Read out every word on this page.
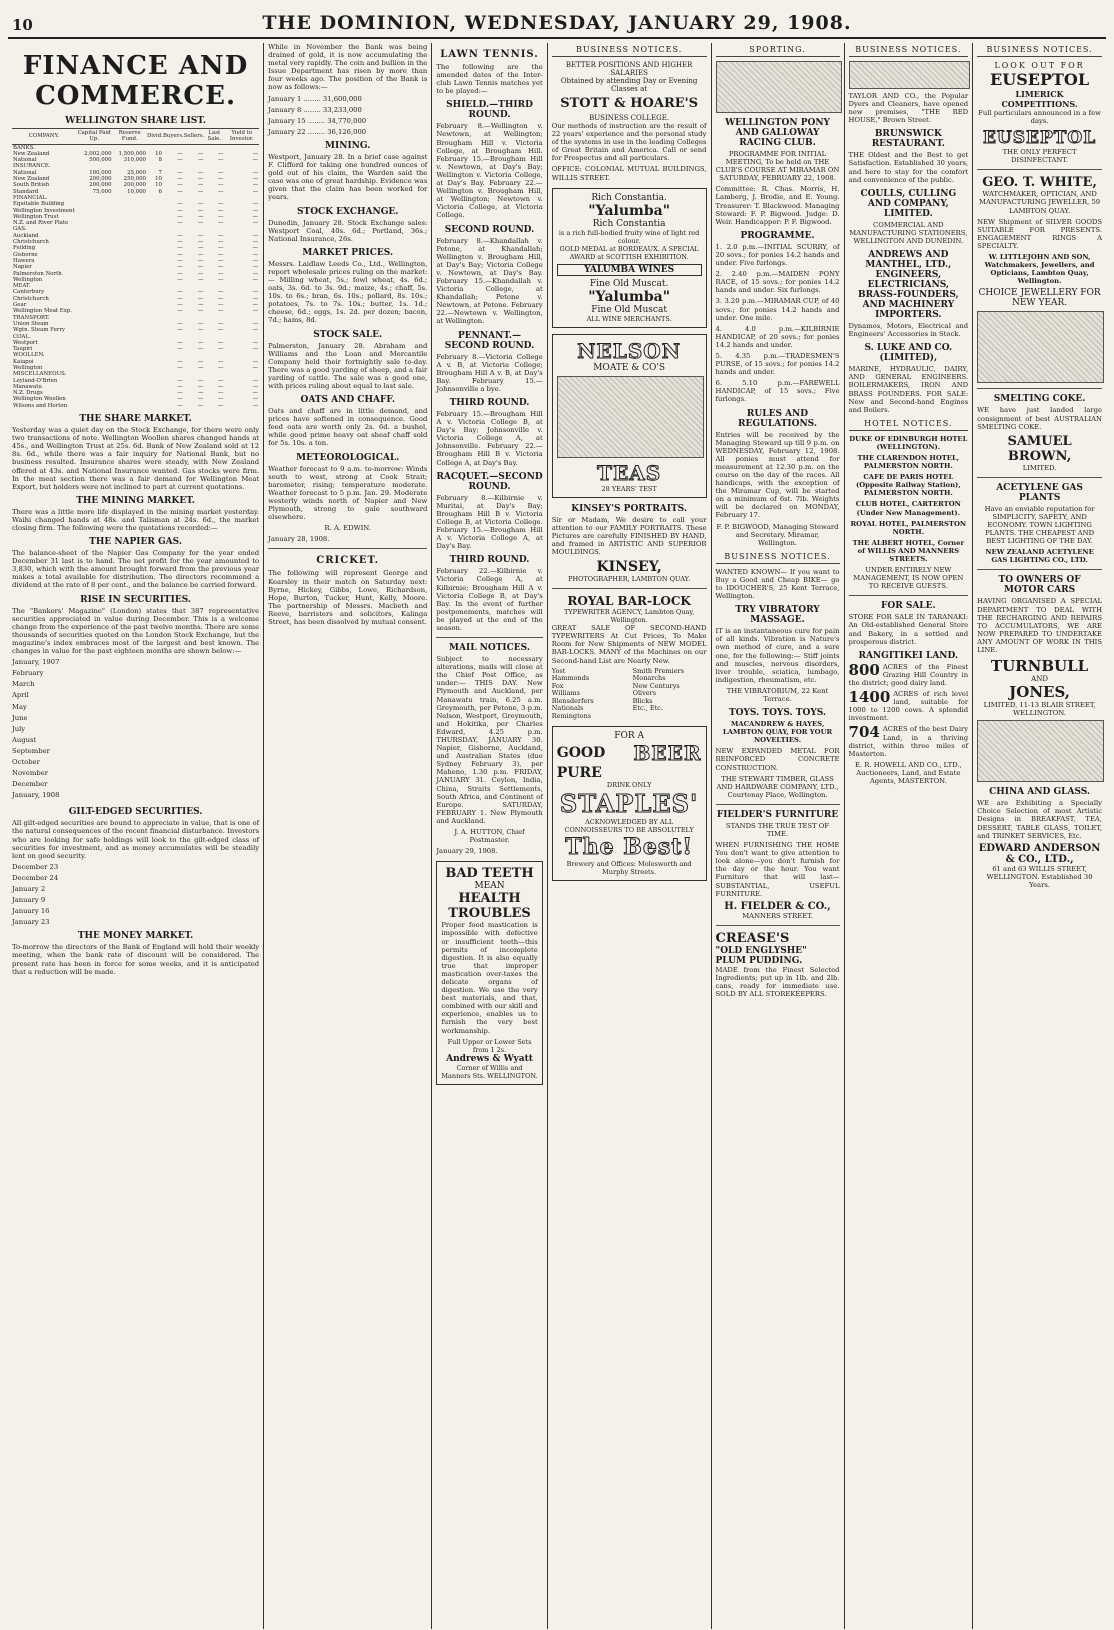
10	THE DOMINION, WEDNESDAY, JANUARY 29, 1908.
FINANCE AND COMMERCE.
WELLINGTON SHARE LIST.
COMPANY.	Capital Paid Up.	Reserve Fund.	Divid.	Buyers.	Sellers.	Last Sale.	Yield to Investor.
BANKS.							
New Zealand	2,002,000	1,500,000	10	—	—	—	—
National	500,000	310,000	8	—	—	—	—
INSURANCE.							
National	100,000	25,000	7	—	—	—	—
New Zealand	200,000	250,000	10	—	—	—	—
South British	200,000	200,000	10	—	—	—	—
Standard	75,000	10,000	6	—	—	—	—
FINANCIAL.							
Equitable Building				—	—	—	—
Wellington Investment				—	—	—	—
Wellington Trust				—	—	—	—
N.Z. and River Plate				—	—	—	—
GAS.							
Auckland				—	—	—	—
Christchurch				—	—	—	—
Feilding				—	—	—	—
Gisborne				—	—	—	—
Hawera				—	—	—	—
Napier				—	—	—	—
Palmerston North				—	—	—	—
Wellington				—	—	—	—
MEAT.							
Canterbury				—	—	—	—
Christchurch				—	—	—	—
Gear				—	—	—	—
Wellington Meat Exp.				—	—	—	—
TRANSPORT.							
Union Steam				—	—	—	—
Wgtn. Steam Ferry				—	—	—	—
COAL.							
Westport				—	—	—	—
Taupiri				—	—	—	—
WOOLLEN.							
Kaiapoi				—	—	—	—
Wellington				—	—	—	—
MISCELLANEOUS.							
Leyland-O'Brien				—	—	—	—
Manawatu				—	—	—	—
N.Z. Drugs				—	—	—	—
Wellington Woollen				—	—	—	—
Wilsons and Horton				—	—	—	—
THE SHARE MARKET.

Yesterday was a quiet day on the Stock Exchange, for there were only two transactions of note. Wellington Woollen shares changed hands at 45s., and Wellington Trust at 25s. 6d. Bank of New Zealand sold at 12 8s. 6d., while there was a fair inquiry for National Bank, but no business resulted. Insurance shares were steady, with New Zealand offered at 43s. and National Insurance wanted. Gas stocks were firm. In the meat section there was a fair demand for Wellington Meat Export, but holders were not inclined to part at current quotations.

THE MINING MARKET.

There was a little more life displayed in the mining market yesterday. Waihi changed hands at 48s. and Talisman at 24s. 6d., the market closing firm. The following were the quotations recorded:—

THE NAPIER GAS.

The balance-sheet of the Napier Gas Company for the year ended December 31 last is to hand. The net profit for the year amounted to 3,830, which with the amount brought forward from the previous year makes a total available for distribution. The directors recommend a dividend at the rate of 8 per cent., and the balance be carried forward.

RISE IN SECURITIES.

The "Bankers' Magazine" (London) states that 387 representative securities appreciated in value during December. This is a welcome change from the experience of the past twelve months. There are some thousands of securities quoted on the London Stock Exchange, but the magazine's index embraces most of the largest and best known. The changes in value for the past eighteen months are shown below:—

January, 1907
February
March
April
May
June
July
August
September
October
November
December
January, 1908
GILT-EDGED SECURITIES.

All gilt-edged securities are bound to appreciate in value, that is one of the natural consequences of the recent financial disturbance. Investors who are looking for safe holdings will look to the gilt-edged class of securities for investment, and as money accumulates will be steadily lent on good security.

December 23
December 24
January 2
January 9
January 16
January 23
THE MONEY MARKET.

To-morrow the directors of the Bank of England will hold their weekly meeting, when the bank rate of discount will be considered. The present rate has been in force for some weeks, and it is anticipated that a reduction will be made.

While in November the Bank was being drained of gold, it is now accumulating the metal very rapidly. The coin and bullion in the Issue Department has risen by more than four weeks ago. The position of the Bank is now as follows:—

January 1 ........ 31,600,000
January 8 ........ 33,233,000
January 15 ........ 34,770,000
January 22 ........ 36,126,000
MINING.

Westport, January 28. In a brief case against F. Clifford for taking one hundred ounces of gold out of his claim, the Warden said the case was one of great hardship. Evidence was given that the claim has been worked for years.

STOCK EXCHANGE.

Dunedin, January 28. Stock Exchange sales: Westport Coal, 40s. 6d.; Portland, 36s.; National Insurance, 26s.

MARKET PRICES.

Messrs. Laidlaw Leeds Co., Ltd., Wellington, report wholesale prices ruling on the market:— Milling wheat, 5s.; fowl wheat, 4s. 6d.; oats, 3s. 6d. to 3s. 9d.; maize, 4s.; chaff, 5s. 10s. to 6s.; bran, 6s. 10s.; pollard, 8s. 10s.; potatoes, 7s. to 7s. 10s.; butter, 1s. 1d.; cheese, 6d.; eggs, 1s. 2d. per dozen; bacon, 7d.; hams, 8d.

STOCK SALE.

Palmerston, January 28. Abraham and Williams and the Loan and Mercantile Company held their fortnightly sale to-day. There was a good yarding of sheep, and a fair yarding of cattle. The sale was a good one, with prices ruling about equal to last sale.

OATS AND CHAFF.

Oats and chaff are in little demand, and prices have softened in consequence. Good feed oats are worth only 2s. 6d. a bushel, while good prime heavy oat sheaf chaff sold for 5s. 10s. a ton.

METEOROLOGICAL.

Weather forecast to 9 a.m. to-morrow: Winds south to west, strong at Cook Strait; barometer, rising; temperature moderate. Weather forecast to 5 p.m. Jan. 29. Moderate westerly winds north of Napier and New Plymouth, strong to gale southward elsewhere.

R. A. EDWIN.

January 28, 1908.

CRICKET.

The following will represent George and Kearsley in their match on Saturday next: Byrne, Hickey, Gibbs, Lowe, Richardson, Hope, Burton, Tucker, Hunt, Kelly, Moore. The partnership of Messrs. Macbeth and Reeve, barristers and solicitors, Kalinga Street, has been dissolved by mutual consent.

LAWN TENNIS.

The following are the amended dates of the Inter-club Lawn Tennis matches yet to be played:—

SHIELD.—THIRD ROUND.

February 8.—Wellington v. Newtown, at Wellington; Brougham Hill v. Victoria College, at Brougham Hill. February 15.—Brougham Hill v. Newtown, at Day's Bay; Wellington v. Victoria College, at Day's Bay. February 22.—Wellington v. Brougham Hill, at Wellington; Newtown v. Victoria College, at Victoria College.

SECOND ROUND.

February 8.—Khandallah v. Petone, at Khandallah; Wellington v. Brougham Hill, at Day's Bay; Victoria College v. Newtown, at Day's Bay. February 15.—Khandallah v. Victoria College, at Khandallah; Petone v. Newtown, at Petone. February 22.—Newtown v. Wellington, at Wellington.

PENNANT.—SECOND ROUND.

February 8.—Victoria College A v. B, at Victoria College; Brougham Hill A v. B, at Day's Bay. February 15.—Johnsonville a bye.

THIRD ROUND.

February 15.—Brougham Hill A v. Victoria College B, at Day's Bay; Johnsonville v. Victoria College A, at Johnsonville. February 22.—Brougham Hill B v. Victoria College A, at Day's Bay.

RACQUET.—SECOND ROUND.

February 8.—Kilbirnie v. Muritai, at Day's Bay; Brougham Hill B v. Victoria College B, at Victoria College. February 15.—Brougham Hill A v. Victoria College A, at Day's Bay.

THIRD ROUND.

February 22.—Kilbirnie v. Victoria College A, at Kilbirnie; Brougham Hill A v. Victoria College B, at Day's Bay. In the event of further postponements, matches will be played at the end of the season.

MAIL NOTICES.

Subject to necessary alterations, mails will close at the Chief Post Office, as under:— THIS DAY. New Plymouth and Auckland, per Manawatu train, 6.25 a.m. Greymouth, per Petone, 3 p.m. Nelson, Westport, Greymouth, and Hokitika, per Charles Edward, 4.25 p.m. THURSDAY, JANUARY 30. Napier, Gisborne, Auckland, and Australian States (due Sydney February 3), per Maheno, 1.30 p.m. FRIDAY, JANUARY 31. Ceylon, India, China, Straits Settlements, South Africa, and Continent of Europe. SATURDAY, FEBRUARY 1. New Plymouth and Auckland.

J. A. HUTTON, Chief Postmaster.

January 29, 1908.

BAD TEETH
MEAN
HEALTH
TROUBLES

Proper food mastication is impossible with defective or insufficient teeth—this permits of incomplete digestion. It is also equally true that improper mastication over-taxes the delicate organs of digestion. We use the very best materials, and that, combined with our skill and experience, enables us to furnish the very best workmanship.

Full Upper or Lower Sets from 1 2s.
Andrews & Wyatt
Corner of Willis and Manners Sts. WELLINGTON.
BUSINESS NOTICES.
BETTER POSITIONS AND HIGHER SALARIES
Obtained by attending Day or Evening Classes at
STOTT & HOARE'S
BUSINESS COLLEGE.

Our methods of instruction are the result of 22 years' experience and the personal study of the systems in use in the leading Colleges of Great Britain and America. Call or send for Prospectus and all particulars.

OFFICE: COLONIAL MUTUAL BUILDINGS, WILLIS STREET.

Rich Constantia.
"Yalumba"
Rich Constantia
is a rich full-bodied fruity wine of light red colour.
GOLD MEDAL at BORDEAUX. A SPECIAL AWARD at SCOTTISH EXHIBITION.
YALUMBA WINES
Fine Old Muscat.
"Yalumba"
Fine Old Muscat
ALL WINE MERCHANTS.
NELSON
MOATE & CO'S
TEAS
28 YEARS' TEST
KINSEY'S PORTRAITS.

Sir or Madam, We desire to call your attention to our FAMILY PORTRAITS. These Pictures are carefully FINISHED BY HAND, and framed in ARTISTIC AND SUPERIOR MOULDINGS.

KINSEY,
PHOTOGRAPHER, LAMBTON QUAY.
ROYAL BAR-LOCK
TYPEWRITER AGENCY, Lambton Quay, Wellington.

GREAT SALE OF SECOND-HAND TYPEWRITERS At Cut Prices, To Make Room for New Shipments of NEW MODEL BAR-LOCKS. MANY of the Machines on our Second-hand List are Nearly New.

Yost
Hammonds
Fox
Williams
Blensderfers
Nationals
Remingtons
Smith Premiers
Monarchs
New Centurys
Olivers
Blicks
Etc., Etc.
FOR A
GOOD BEER
PURE
DRINK ONLY
STAPLES'
ACKNOWLEDGED BY ALL CONNOISSEURS TO BE ABSOLUTELY
The Best!
Brewery and Offices: Molesworth and Murphy Streets.
SPORTING.
WELLINGTON PONY AND GALLOWAY RACING CLUB.

PROGRAMME FOR INITIAL MEETING, To be held on THE CLUB'S COURSE AT MIRAMAR ON SATURDAY, FEBRUARY 22, 1908.

Committee: R. Chas. Morris, H. Lamberg, J. Brodie, and E. Young. Treasurer: T. Blackwood. Managing Steward: F. P. Bigwood. Judge: D. Weir. Handicapper: P. F. Bigwood.

PROGRAMME.

1. 2.0 p.m.—INITIAL SCURRY, of 20 sovs.; for ponies 14.2 hands and under. Five furlongs.

2. 2.40 p.m.—MAIDEN PONY RACE, of 15 sovs.; for ponies 14.2 hands and under. Six furlongs.

3. 3.20 p.m.—MIRAMAR CUP, of 40 sovs.; for ponies 14.2 hands and under. One mile.

4. 4.0 p.m.—KILBIRNIE HANDICAP, of 20 sovs.; for ponies 14.2 hands and under.

5. 4.35 p.m.—TRADESMEN'S PURSE, of 15 sovs.; for ponies 14.2 hands and under.

6. 5.10 p.m.—FAREWELL HANDICAP, of 15 sovs.; Five furlongs.

RULES AND REGULATIONS.

Entries will be received by the Managing Steward up till 9 p.m. on WEDNESDAY, February 12, 1908. All ponies must attend for measurement at 12.30 p.m. on the course on the day of the races. All handicaps, with the exception of the Miramar Cup, will be started on a minimum of 6st. 7lb. Weights will be declared on MONDAY, February 17.

F. P. BIGWOOD, Managing Steward and Secretary. Miramar, Wellington.

BUSINESS NOTICES.

WANTED KNOWN— If you want to Buy a Good and Cheap BIKE— go to IDOUCHER'S, 25 Kent Terrace, Wellington.

TRY VIBRATORY MASSAGE.

IT is an instantaneous cure for pain of all kinds. Vibration is Nature's own method of cure, and a sure one, for the following:— Stiff joints and muscles, nervous disorders, liver trouble, sciatica, lumbago, indigestion, rheumatism, etc.

THE VIBRATORIUM, 22 Kent Terrace.

TOYS. TOYS. TOYS.

MACANDREW & HAYES, LAMBTON QUAY, FOR YOUR NOVELTIES.

NEW EXPANDED METAL FOR REINFORCED CONCRETE CONSTRUCTION.

THE STEWART TIMBER, GLASS AND HARDWARE COMPANY, LTD., Courtenay Place, Wellington.

FIELDER'S FURNITURE

STANDS THE TRUE TEST OF TIME.

WHEN FURNISHING THE HOME You don't want to give attention to look alone—you don't furnish for the day or the hour. You want Furniture that will last—SUBSTANTIAL, USEFUL FURNITURE.

H. FIELDER & CO.,

MANNERS STREET.

CREASE'S
"OLD ENGLYSHE"
PLUM PUDDING.

MADE from the Finest Selected Ingredients; put up in 1lb. and 2lb. cans, ready for immediate use. SOLD BY ALL STOREKEEPERS.

BUSINESS NOTICES.

TAYLOR AND CO., the Popular Dyers and Cleaners, have opened new premises, "THE RED HOUSE," Brown Street.

BRUNSWICK RESTAURANT.

THE Oldest and the Best to get Satisfaction. Established 30 years, and here to stay for the comfort and convenience of the public.

COULLS, CULLING AND COMPANY, LIMITED.

COMMERCIAL AND MANUFACTURING STATIONERS, WELLINGTON AND DUNEDIN.

ANDREWS AND MANTHEL, LTD., ENGINEERS, ELECTRICIANS, BRASS-FOUNDERS, AND MACHINERY IMPORTERS.

Dynamos, Motors, Electrical and Engineers' Accessories in Stock.

S. LUKE AND CO. (LIMITED),

MARINE, HYDRAULIC, DAIRY, AND GENERAL ENGINEERS. BOILERMAKERS, IRON AND BRASS FOUNDERS. FOR SALE: New and Second-hand Engines and Boilers.

HOTEL NOTICES.

DUKE OF EDINBURGH HOTEL (WELLINGTON).

THE CLARENDON HOTEL, PALMERSTON NORTH.

CAFE DE PARIS HOTEL (Opposite Railway Station), PALMERSTON NORTH.

CLUB HOTEL, CARTERTON (Under New Management).

ROYAL HOTEL, PALMERSTON NORTH.

THE ALBERT HOTEL, Corner of WILLIS AND MANNERS STREETS.

UNDER ENTIRELY NEW MANAGEMENT, IS NOW OPEN TO RECEIVE GUESTS.

FOR SALE.

STORE FOR SALE IN TARANAKI: An Old-established General Store and Bakery, in a settled and prosperous district.

RANGITIKEI LAND.
800 ACRES of the Finest Grazing Hill Country in the district; good dairy land.

1400 ACRES of rich level land, suitable for 1000 to 1200 cows. A splendid investment.

704 ACRES of the best Dairy Land, in a thriving district, within three miles of Masterton.

E. R. HOWELL AND CO., LTD., Auctioneers, Land, and Estate Agents, MASTERTON.

BUSINESS NOTICES.
LOOK OUT FOR
EUSEPTOL
LIMERICK COMPETITIONS.

Full particulars announced in a few days.

EUSEPTOL

THE ONLY PERFECT DISINFECTANT.

GEO. T. WHITE,

WATCHMAKER, OPTICIAN, AND MANUFACTURING JEWELLER, 59 LAMBTON QUAY.

NEW Shipment of SILVER GOODS SUITABLE FOR PRESENTS. ENGAGEMENT RINGS A SPECIALTY.

W. LITTLEJOHN AND SON, Watchmakers, Jewellers, and Opticians, Lambton Quay, Wellington.

CHOICE JEWELLERY FOR NEW YEAR.
SMELTING COKE.

WE have just landed large consignment of best AUSTRALIAN SMELTING COKE.

SAMUEL BROWN,

LIMITED.

ACETYLENE GAS PLANTS

Have an enviable reputation for SIMPLICITY, SAFETY, AND ECONOMY. TOWN LIGHTING PLANTS. THE CHEAPEST AND BEST LIGHTING OF THE DAY.

NEW ZEALAND ACETYLENE GAS LIGHTING CO., LTD.

TO OWNERS OF MOTOR CARS

HAVING ORGANISED A SPECIAL DEPARTMENT TO DEAL WITH THE RECHARGING AND REPAIRS TO ACCUMULATORS, WE ARE NOW PREPARED TO UNDERTAKE ANY AMOUNT OF WORK IN THIS LINE.

TURNBULL
AND
JONES,

LIMITED, 11-13 BLAIR STREET, WELLINGTON.

CHINA AND GLASS.

WE are Exhibiting a Specially Choice Selection of most Artistic Designs in BREAKFAST, TEA, DESSERT, TABLE GLASS, TOILET, and TRINKET SERVICES, Etc.

EDWARD ANDERSON & CO., LTD.,

61 and 63 WILLIS STREET, WELLINGTON. Established 30 Years.
